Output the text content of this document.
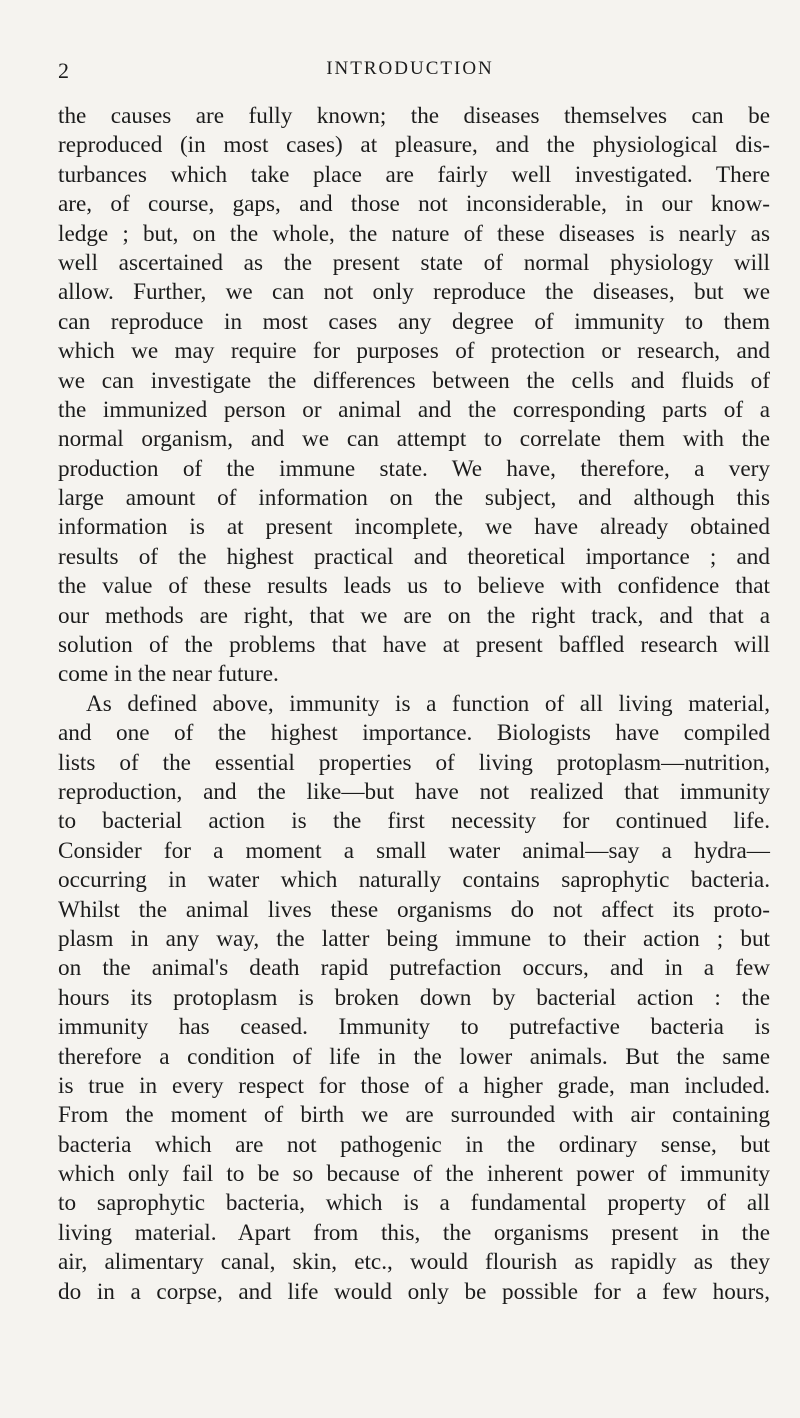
2	INTRODUCTION
the causes are fully known; the diseases themselves can be
reproduced (in most cases) at pleasure, and the physiological dis-
turbances which take place are fairly well investigated. There
are, of course, gaps, and those not inconsiderable, in our know-
ledge ; but, on the whole, the nature of these diseases is nearly as
well ascertained as the present state of normal physiology will
allow. Further, we can not only reproduce the diseases, but we
can reproduce in most cases any degree of immunity to them
which we may require for purposes of protection or research, and
we can investigate the differences between the cells and fluids of
the immunized person or animal and the corresponding parts of a
normal organism, and we can attempt to correlate them with the
production of the immune state. We have, therefore, a very
large amount of information on the subject, and although this
information is at present incomplete, we have already obtained
results of the highest practical and theoretical importance ; and
the value of these results leads us to believe with confidence that
our methods are right, that we are on the right track, and that a
solution of the problems that have at present baffled research will
come in the near future.
As defined above, immunity is a function of all living material,
and one of the highest importance. Biologists have compiled
lists of the essential properties of living protoplasm—nutrition,
reproduction, and the like—but have not realized that immunity
to bacterial action is the first necessity for continued life.
Consider for a moment a small water animal—say a hydra—
occurring in water which naturally contains saprophytic bacteria.
Whilst the animal lives these organisms do not affect its proto-
plasm in any way, the latter being immune to their action ; but
on the animal's death rapid putrefaction occurs, and in a few
hours its protoplasm is broken down by bacterial action : the
immunity has ceased. Immunity to putrefactive bacteria is
therefore a condition of life in the lower animals. But the same
is true in every respect for those of a higher grade, man included.
From the moment of birth we are surrounded with air containing
bacteria which are not pathogenic in the ordinary sense, but
which only fail to be so because of the inherent power of immunity
to saprophytic bacteria, which is a fundamental property of all
living material. Apart from this, the organisms present in the
air, alimentary canal, skin, etc., would flourish as rapidly as they
do in a corpse, and life would only be possible for a few hours,
